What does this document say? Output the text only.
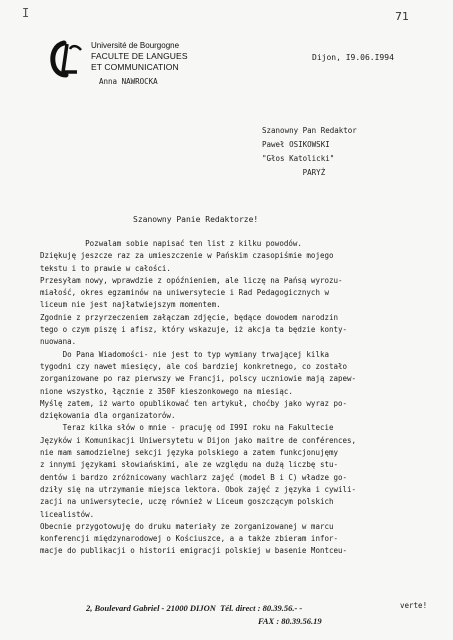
I	71
Université de Bourgogne
FACULTE DE LANGUES
ET COMMUNICATION
Anna NAWROCKA
Dijon, I9.06.I994
Szanowny Pan Redaktor
Paweł OSIKOWSKI
"Głos Katolicki"
PARYŻ
Szanowny Panie Redaktorze!
Pozwalam sobie napisać ten list z kilku powodów.
Dziękuję jeszcze raz za umieszczenie w Pańskim czasopiśmie mojego
tekstu i to prawie w całości.
Przesyłam nowy, wprawdzie z opóźnieniem, ale liczę na Pańsą wyrozu-
miałość, okres egzaminów na uniwersytecie i Rad Pedagogicznych w
liceum nie jest najłatwiejszym momentem.
Zgodnie z przyrzeczeniem załączam zdjęcie, będące dowodem narodzin
tego o czym piszę i afisz, który wskazuje, iż akcja ta będzie konty-
nuowana.
Do Pana Wiadomości- nie jest to typ wymiany trwającej kilka
tygodni czy nawet miesięcy, ale coś bardziej konkretnego, co zostało
zorganizowane po raz pierwszy we Francji, polscy uczniowie mają zapew-
nione wszystko, łącznie z 350F kieszonkowego na miesiąc.
Myślę zatem, iż warto opublikować ten artykuł, choćby jako wyraz po-
dziękowania dla organizatorów.
Teraz kilka słów o mnie - pracuję od I99I roku na Fakultecie
Języków i Komunikacji Uniwersytetu w Dijon jako maitre de conférences,
nie mam samodzielnej sekcji języka polskiego a zatem funkcjonujęmy
z innymi językami słowiańskimi, ale ze względu na dużą liczbę stu-
dentów i bardzo zróżnicowany wachlarz zajęć (model B i C) władze go-
dziły się na utrzymanie miejsca lektora. Obok zajęć z języka i cywili-
zacji na uniwersytecie, uczę również w Liceum goszczącym polskich
licealistów.
Obecnie przygotowuję do druku materiały ze zorganizowanej w marcu
konferencji międzynarodowej o Kościuszce, a a także zbieram infor-
macje do publikacji o historii emigracji polskiej w basenie Montceu-
2, Boulevard Gabriel - 21000 DIJON  Tél. direct : 80.39.56.- -	verte!
FAX : 80.39.56.19
